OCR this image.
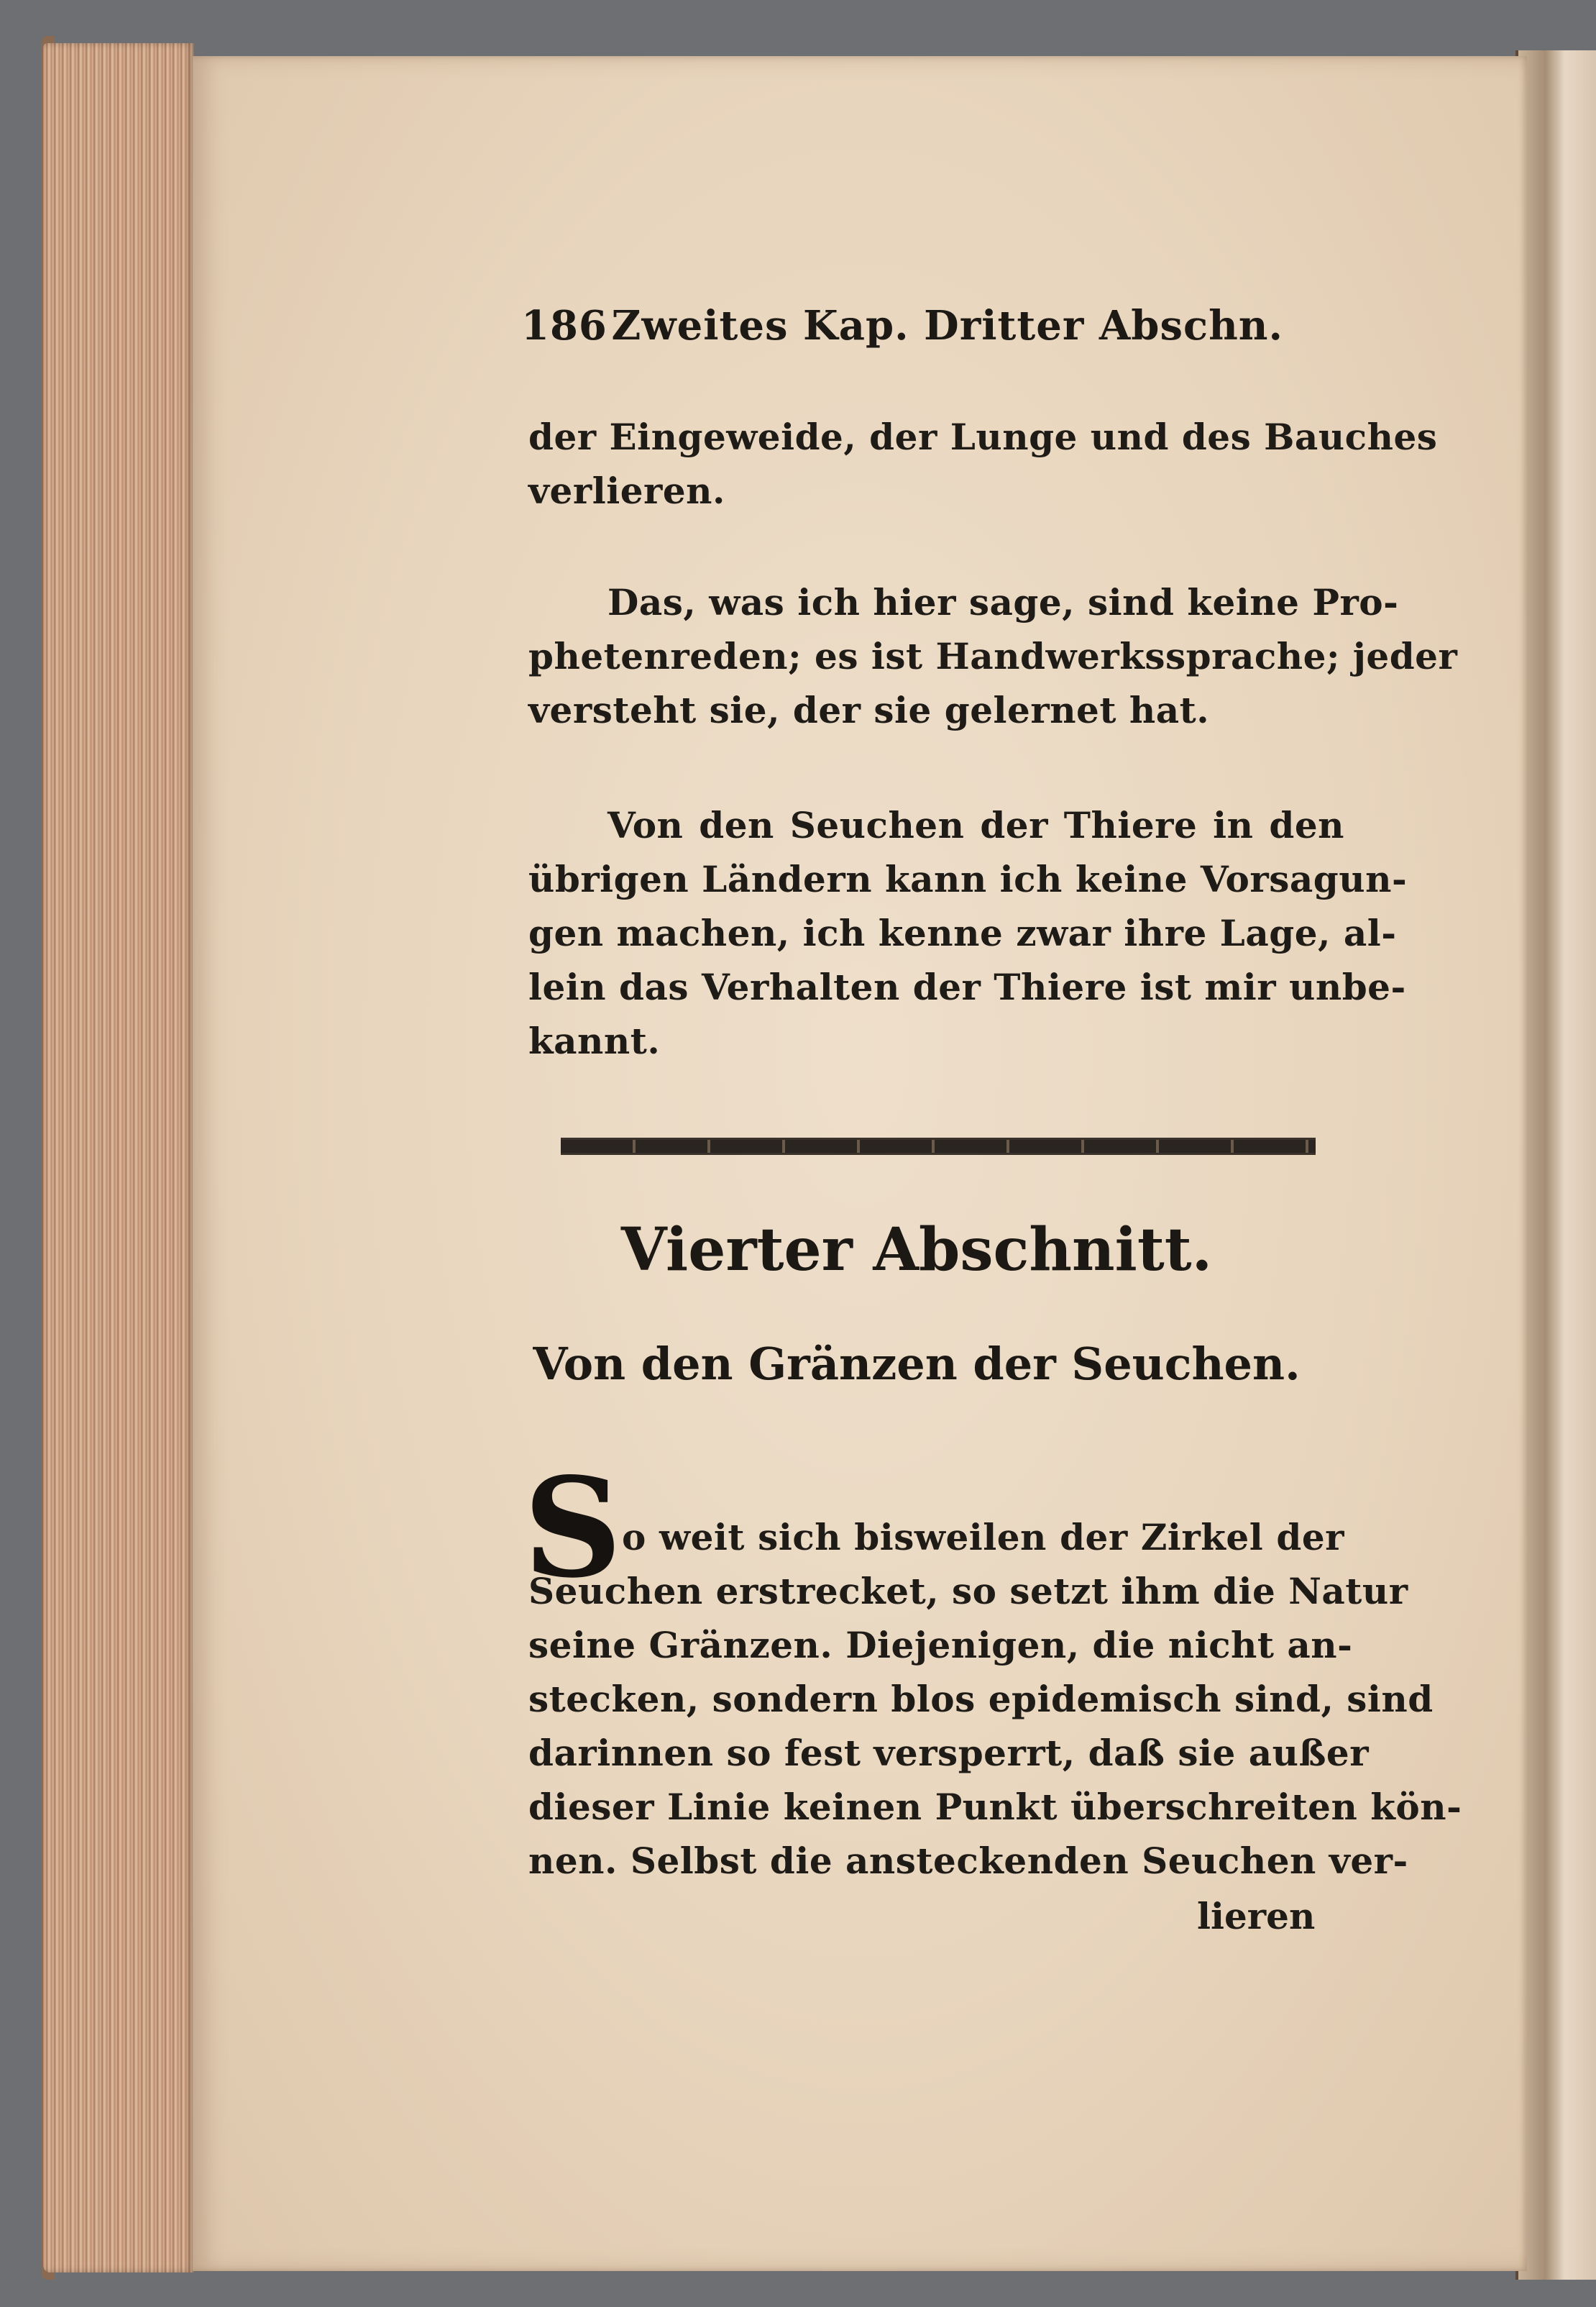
186 Zweites Kap. Dritter Abschn.
der Eingeweide, der Lunge und des Bauches
verlieren.
Das, was ich hier sage, sind keine Pro-
phetenreden; es ist Handwerkssprache; jeder
versteht sie, der sie gelernet hat.
Von den Seuchen der Thiere in den
übrigen Ländern kann ich keine Vorsagun-
gen machen, ich kenne zwar ihre Lage, al-
lein das Verhalten der Thiere ist mir unbe-
kannt.
Vierter Abschnitt.
Von den Gränzen der Seuchen.
S o weit sich bisweilen der Zirkel der
Seuchen erstrecket, so setzt ihm die Natur
seine Gränzen. Diejenigen, die nicht an-
stecken, sondern blos epidemisch sind, sind
darinnen so fest versperrt, daß sie außer
dieser Linie keinen Punkt überschreiten kön-
nen. Selbst die ansteckenden Seuchen ver-
lieren
